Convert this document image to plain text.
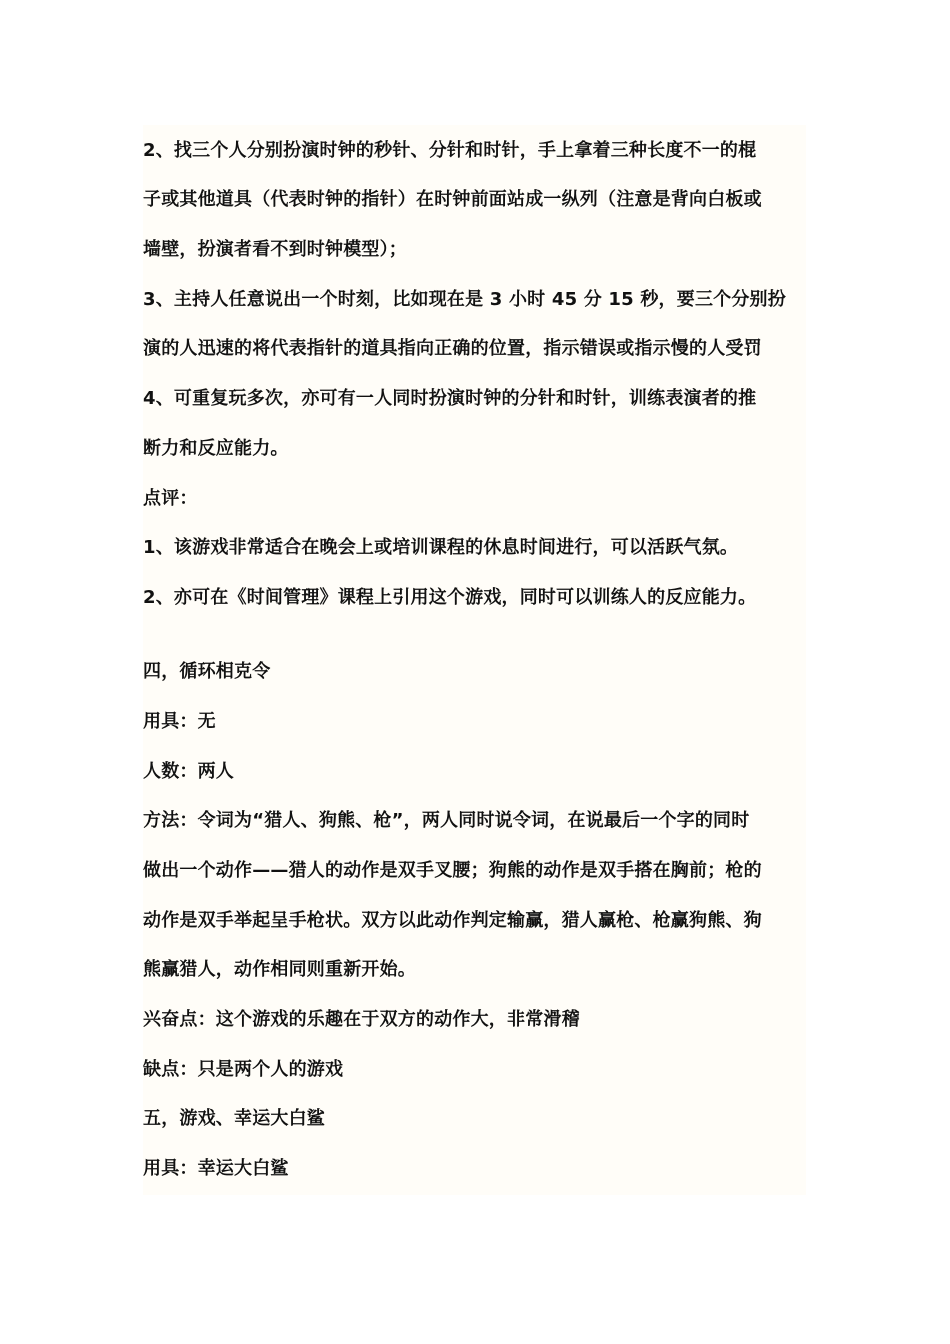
2、找三个人分别扮演时钟的秒针、分针和时针，手上拿着三种长度不一的棍
子或其他道具（代表时钟的指针）在时钟前面站成一纵列（注意是背向白板或
墙壁，扮演者看不到时钟模型）；
3、主持人任意说出一个时刻，比如现在是 3 小时 45 分 15 秒，要三个分别扮
演的人迅速的将代表指针的道具指向正确的位置，指示错误或指示慢的人受罚
4、可重复玩多次，亦可有一人同时扮演时钟的分针和时针，训练表演者的推
断力和反应能力。
点评：
1、该游戏非常适合在晚会上或培训课程的休息时间进行，可以活跃气氛。
2、亦可在《时间管理》课程上引用这个游戏，同时可以训练人的反应能力。
四，循环相克令
用具：无
人数：两人
方法：令词为“猎人、狗熊、枪”，两人同时说令词，在说最后一个字的同时
做出一个动作——猎人的动作是双手叉腰；狗熊的动作是双手搭在胸前；枪的
动作是双手举起呈手枪状。双方以此动作判定输赢，猎人赢枪、枪赢狗熊、狗
熊赢猎人，动作相同则重新开始。
兴奋点：这个游戏的乐趣在于双方的动作大，非常滑稽
缺点：只是两个人的游戏
五，游戏、幸运大白鲨
用具：幸运大白鲨
